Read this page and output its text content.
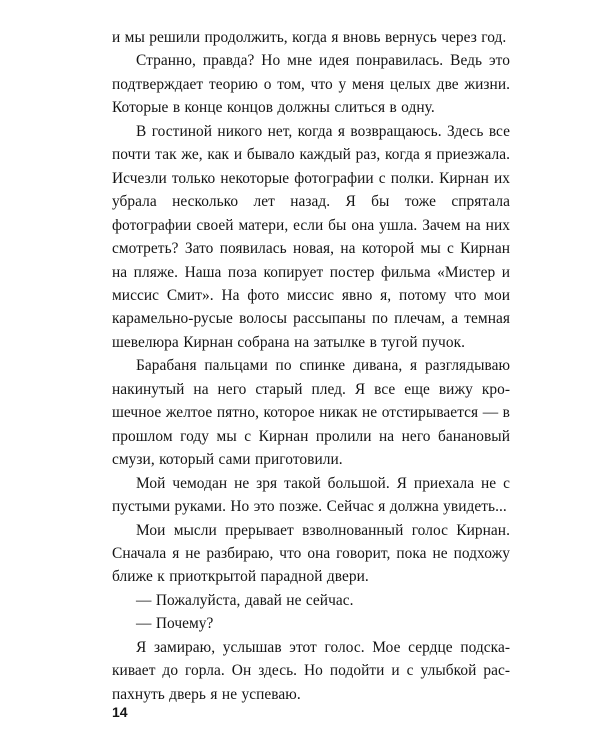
и мы решили продолжить, когда я вновь вернусь через год.

Странно, правда? Но мне идея понравилась. Ведь это подтверждает теорию о том, что у меня целых две жизни. Которые в конце концов должны слиться в одну.

В гостиной никого нет, когда я возвращаюсь. Здесь все почти так же, как и бывало каждый раз, когда я приезжала. Исчезли только некоторые фотографии с полки. Кирнан их убрала несколько лет назад. Я бы тоже спрятала фотографии своей матери, если бы она ушла. Зачем на них смотреть? Зато появилась новая, на которой мы с Кирнан на пляже. Наша поза копирует постер фильма «Мистер и миссис Смит». На фото миссис явно я, потому что мои карамельно-русые волосы рассыпаны по плечам, а темная шевелюра Кирнан собрана на затылке в тугой пучок.

Барабаня пальцами по спинке дивана, я разглядываю накинутый на него старый плед. Я все еще вижу крошечное желтое пятно, которое никак не отстирывается — в прошлом году мы с Кирнан пролили на него банановый смузи, который сами приготовили.

Мой чемодан не зря такой большой. Я приехала не с пустыми руками. Но это позже. Сейчас я должна увидеть...

Мои мысли прерывает взволнованный голос Кирнан. Сначала я не разбираю, что она говорит, пока не подхожу ближе к приоткрытой парадной двери.

— Пожалуйста, давай не сейчас.

— Почему?

Я замираю, услышав этот голос. Мое сердце подскакивает до горла. Он здесь. Но подойти и с улыбкой распахнуть дверь я не успеваю.

14
